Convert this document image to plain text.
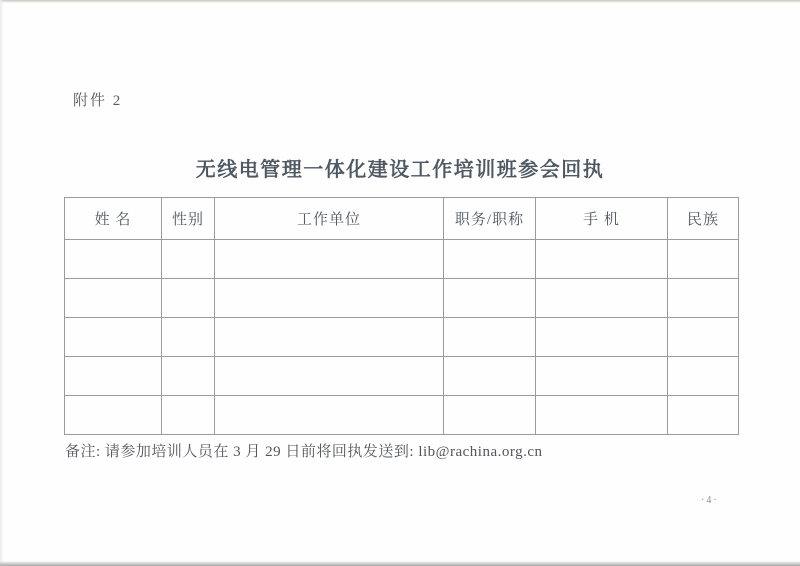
附件 2
无线电管理一体化建设工作培训班参会回执
姓 名	性别	工作单位	职务/职称	手 机	民族

备注: 请参加培训人员在 3 月 29 日前将回执发送到: lib@rachina.org.cn
·4·
